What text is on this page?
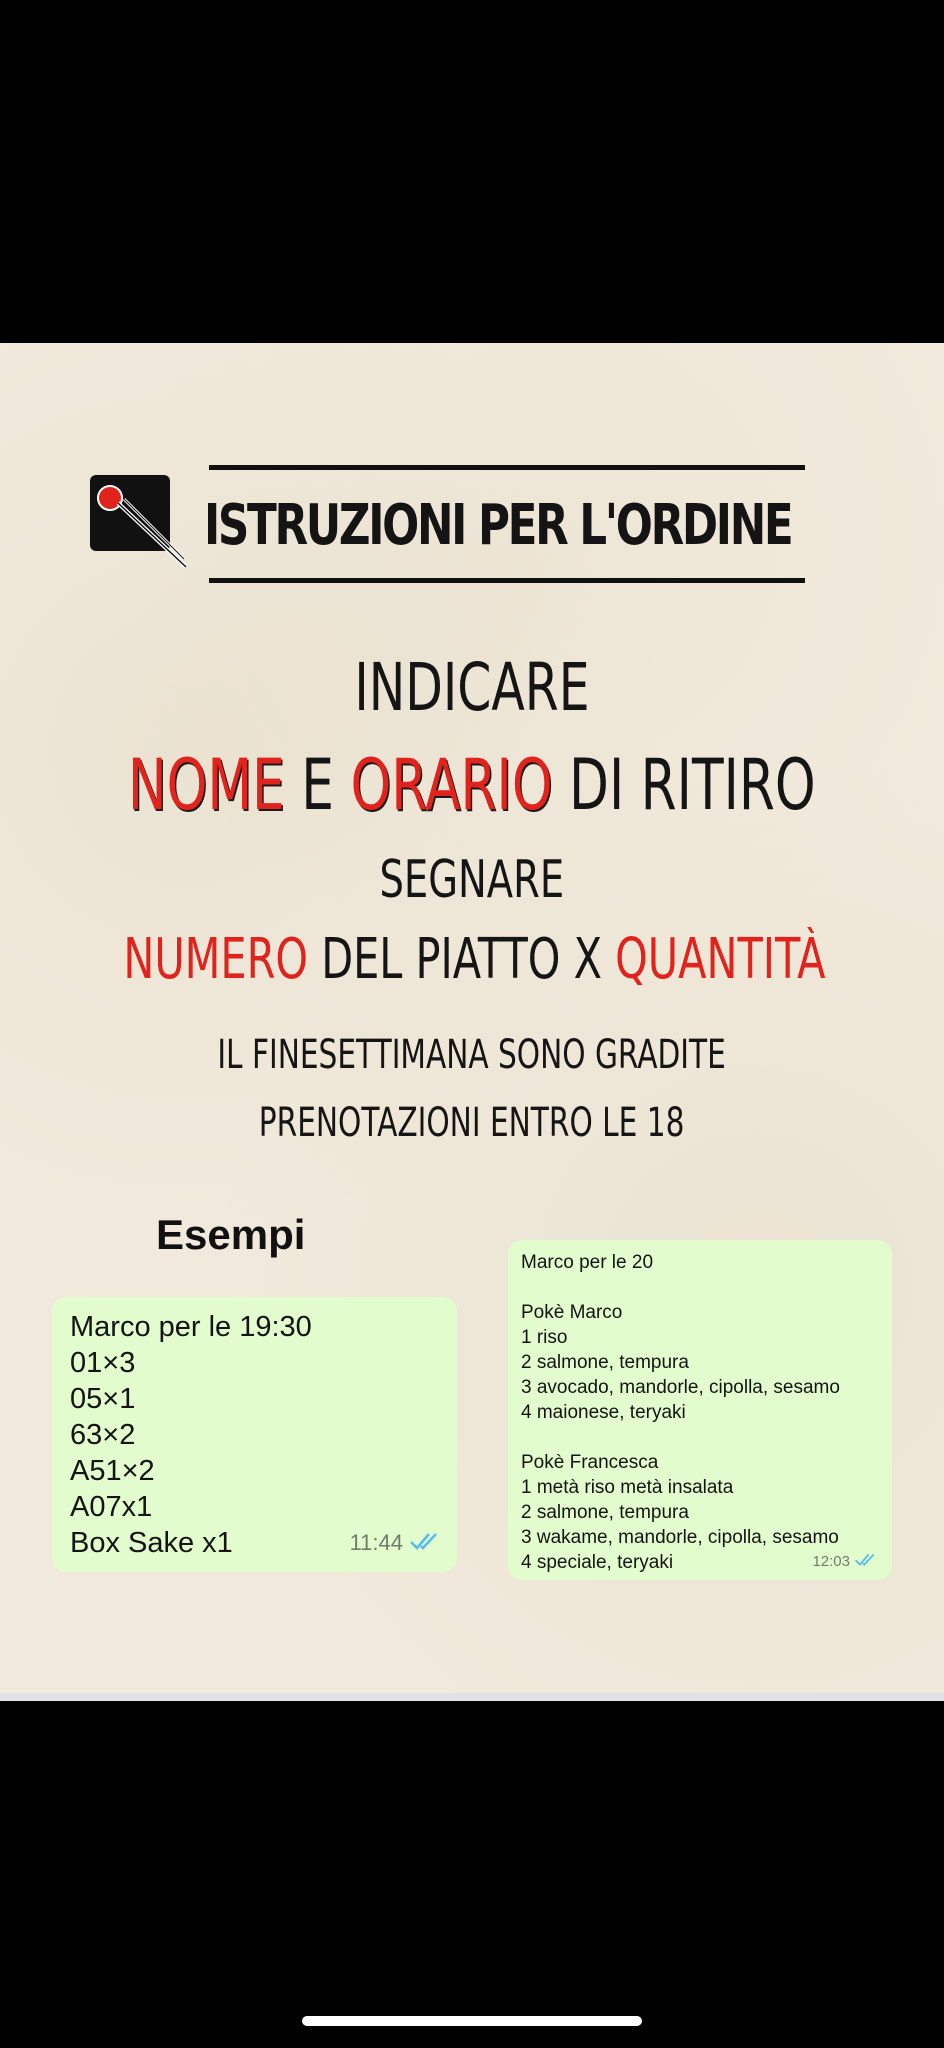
ISTRUZIONI PER L'ORDINE
INDICARE
NOME E ORARIO DI RITIRO
SEGNARE
NUMERO DEL PIATTO X QUANTITÀ
IL FINESETTIMANA SONO GRADITE
PRENOTAZIONI ENTRO LE 18
Esempi
Marco per le 19:30
01×3
05×1
63×2
A51×2
A07x1
Box Sake x1	11:44
Marco per le 20
Pokè Marco
1 riso
2 salmone, tempura
3 avocado, mandorle, cipolla, sesamo
4 maionese, teryaki
Pokè Francesca
1 metà riso metà insalata
2 salmone, tempura
3 wakame, mandorle, cipolla, sesamo
4 speciale, teryaki	12:03
